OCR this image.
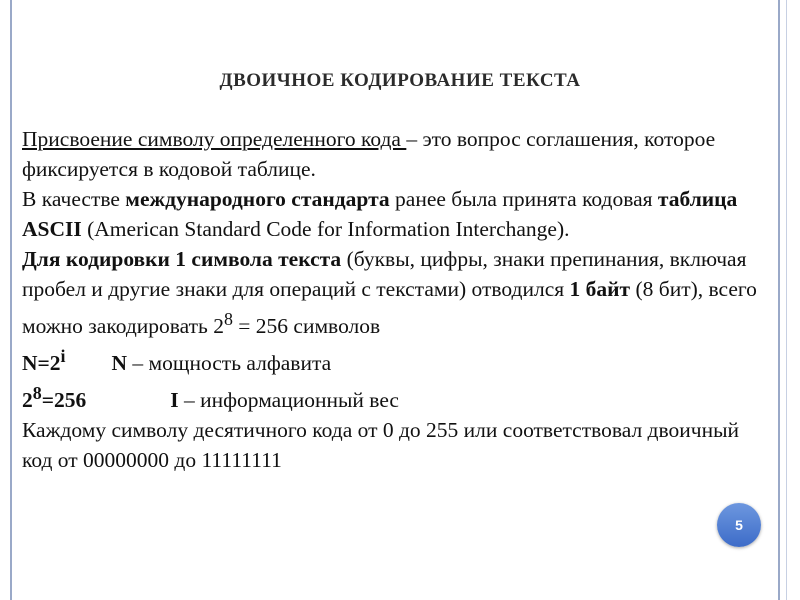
ДВОИЧНОЕ КОДИРОВАНИЕ ТЕКСТА

Присвоение символу определенного кода – это вопрос соглашения, которое фиксируется в кодовой таблице.

В качестве международного стандарта ранее была принята кодовая таблица ASCII (American Standard Code for Information Interchange).

Для кодировки 1 символа текста (буквы, цифры, знаки препинания, включая пробел и другие знаки для операций с текстами) отводился 1 байт (8 бит), всего можно закодировать $2^8 = 256$ символов

$N=2^i$ N – мощность алфавита

$2^8=256$	I – информационный вес

Каждому символу десятичного кода от 0 до 255 или соответствовал двоичный код от 00000000 до 11111111

5
